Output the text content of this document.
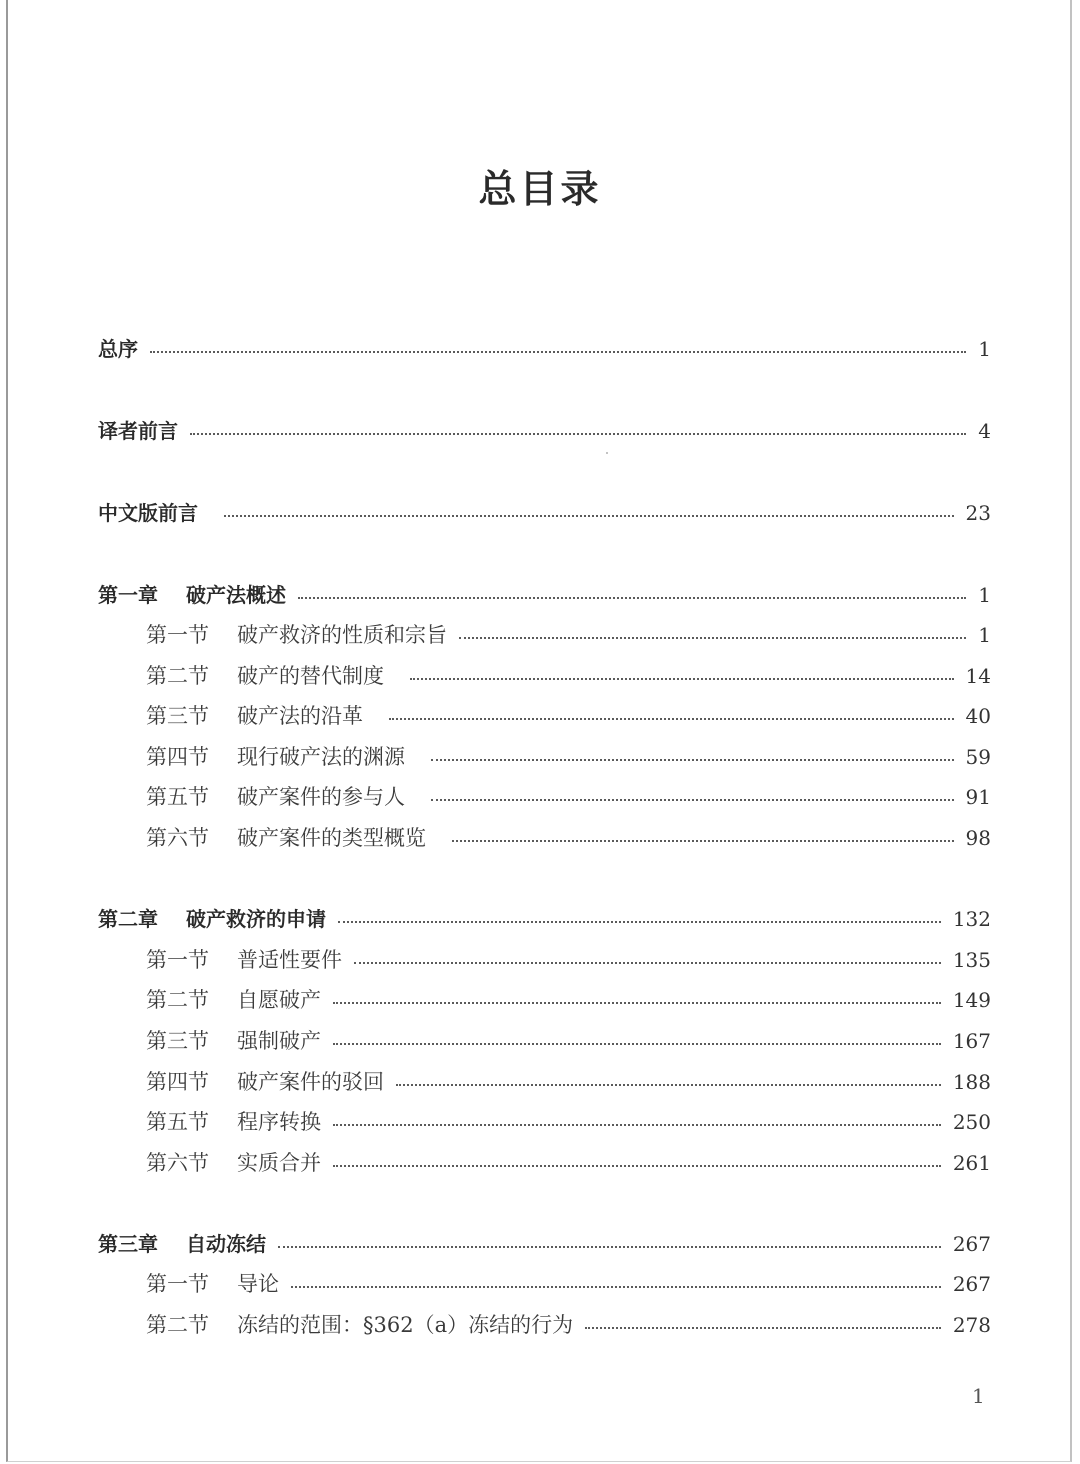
总目录
总序	1
译者前言	4
中文版前言	23
第一章 破产法概述	1
第一节 破产救济的性质和宗旨	1
第二节 破产的替代制度	14
第三节 破产法的沿革	40
第四节 现行破产法的渊源	59
第五节 破产案件的参与人	91
第六节 破产案件的类型概览	98
第二章 破产救济的申请	132
第一节 普适性要件	135
第二节 自愿破产	149
第三节 强制破产	167
第四节 破产案件的驳回	188
第五节 程序转换	250
第六节 实质合并	261
第三章 自动冻结	267
第一节 导论	267
第二节 冻结的范围：§362（a）冻结的行为	278
1
